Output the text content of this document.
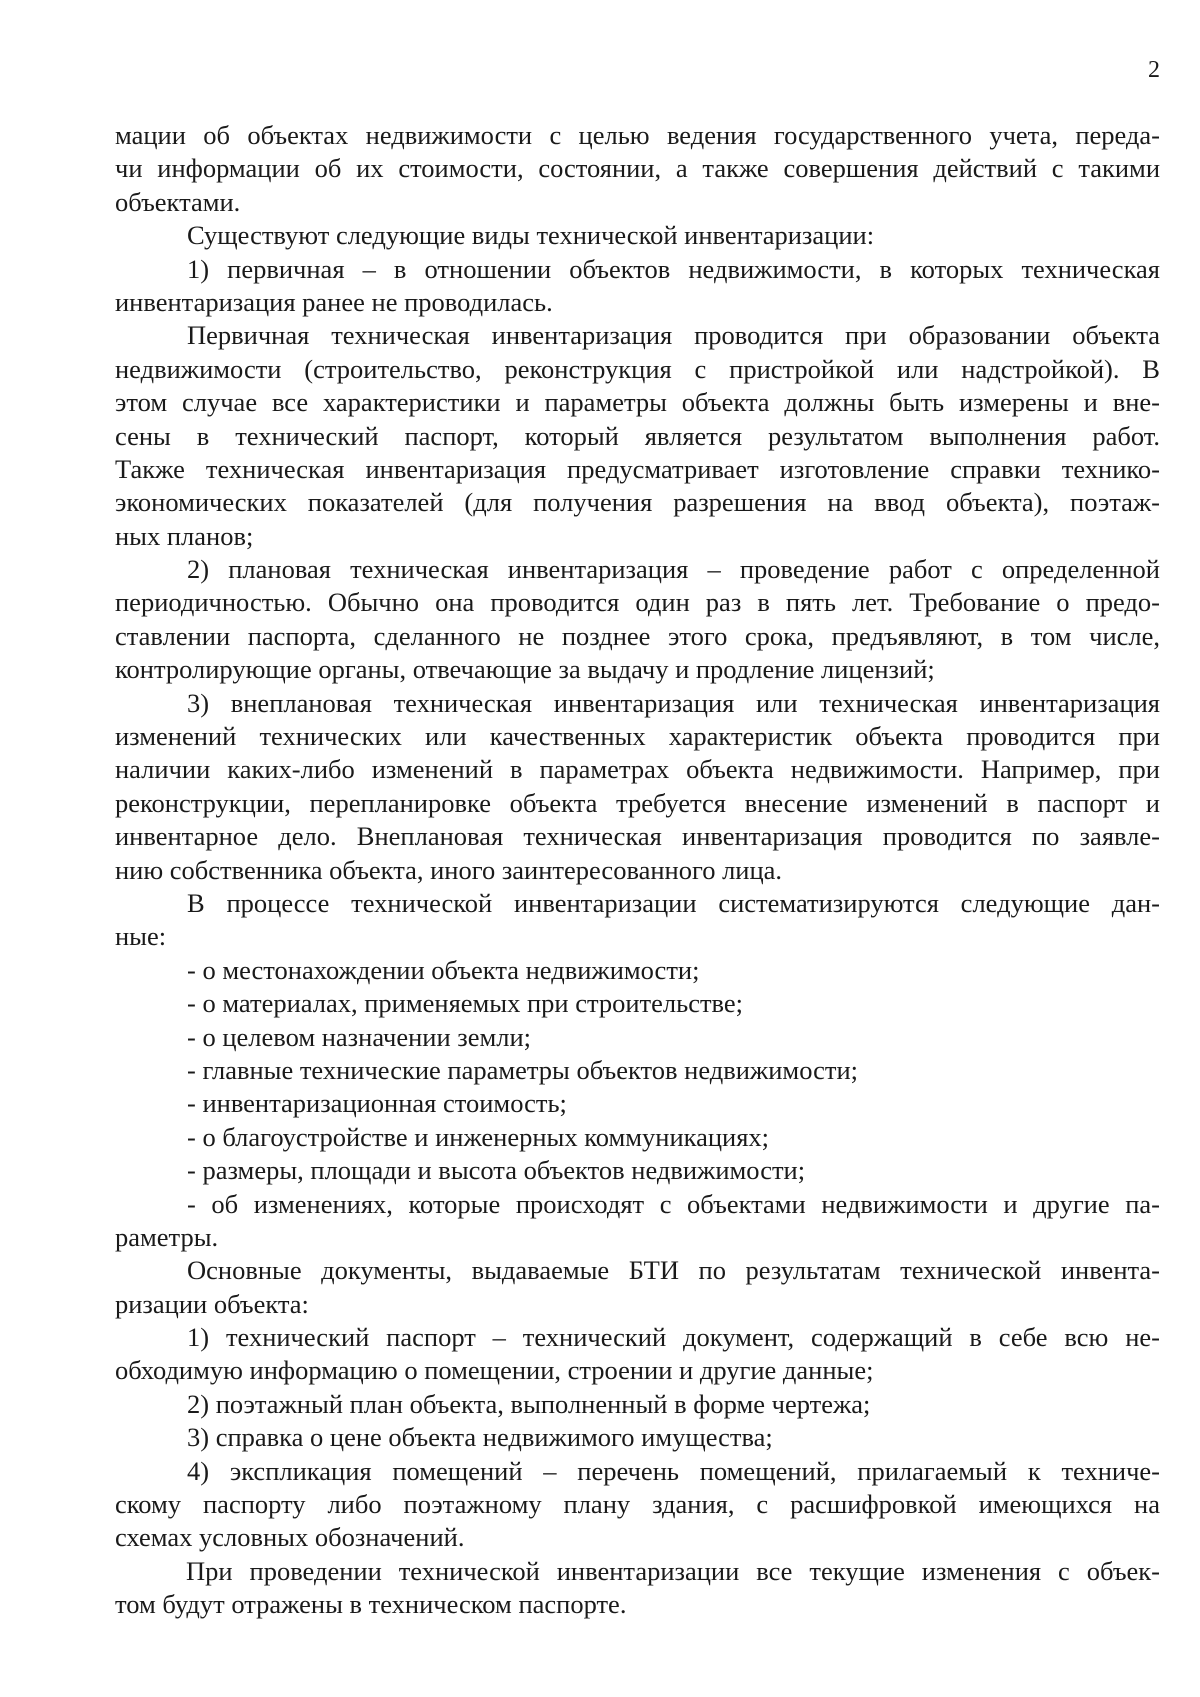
2
мации об объектах недвижимости с целью ведения государственного учета, переда-
чи информации об их стоимости, состоянии, а также совершения действий с такими
объектами.
Существуют следующие виды технической инвентаризации:
1) первичная – в отношении объектов недвижимости, в которых техническая
инвентаризация ранее не проводилась.
Первичная техническая инвентаризация проводится при образовании объекта
недвижимости (строительство, реконструкция с пристройкой или надстройкой). В
этом случае все характеристики и параметры объекта должны быть измерены и вне-
сены в технический паспорт, который является результатом выполнения работ.
Также техническая инвентаризация предусматривает изготовление справки технико-
экономических показателей (для получения разрешения на ввод объекта), поэтаж-
ных планов;
2) плановая техническая инвентаризация – проведение работ с определенной
периодичностью. Обычно она проводится один раз в пять лет. Требование о предо-
ставлении паспорта, сделанного не позднее этого срока, предъявляют, в том числе,
контролирующие органы, отвечающие за выдачу и продление лицензий;
3) внеплановая техническая инвентаризация или техническая инвентаризация
изменений технических или качественных характеристик объекта проводится при
наличии каких-либо изменений в параметрах объекта недвижимости. Например, при
реконструкции, перепланировке объекта требуется внесение изменений в паспорт и
инвентарное дело. Внеплановая техническая инвентаризация проводится по заявле-
нию собственника объекта, иного заинтересованного лица.
В процессе технической инвентаризации систематизируются следующие дан-
ные:
- о местонахождении объекта недвижимости;
- о материалах, применяемых при строительстве;
- о целевом назначении земли;
- главные технические параметры объектов недвижимости;
- инвентаризационная стоимость;
- о благоустройстве и инженерных коммуникациях;
- размеры, площади и высота объектов недвижимости;
- об изменениях, которые происходят с объектами недвижимости и другие па-
раметры.
Основные документы, выдаваемые БТИ по результатам технической инвента-
ризации объекта:
1) технический паспорт – технический документ, содержащий в себе всю не-
обходимую информацию о помещении, строении и другие данные;
2) поэтажный план объекта, выполненный в форме чертежа;
3) справка о цене объекта недвижимого имущества;
4) экспликация помещений – перечень помещений, прилагаемый к техниче-
скому паспорту либо поэтажному плану здания, с расшифровкой имеющихся на
схемах условных обозначений.
При проведении технической инвентаризации все текущие изменения с объек-
том будут отражены в техническом паспорте.
